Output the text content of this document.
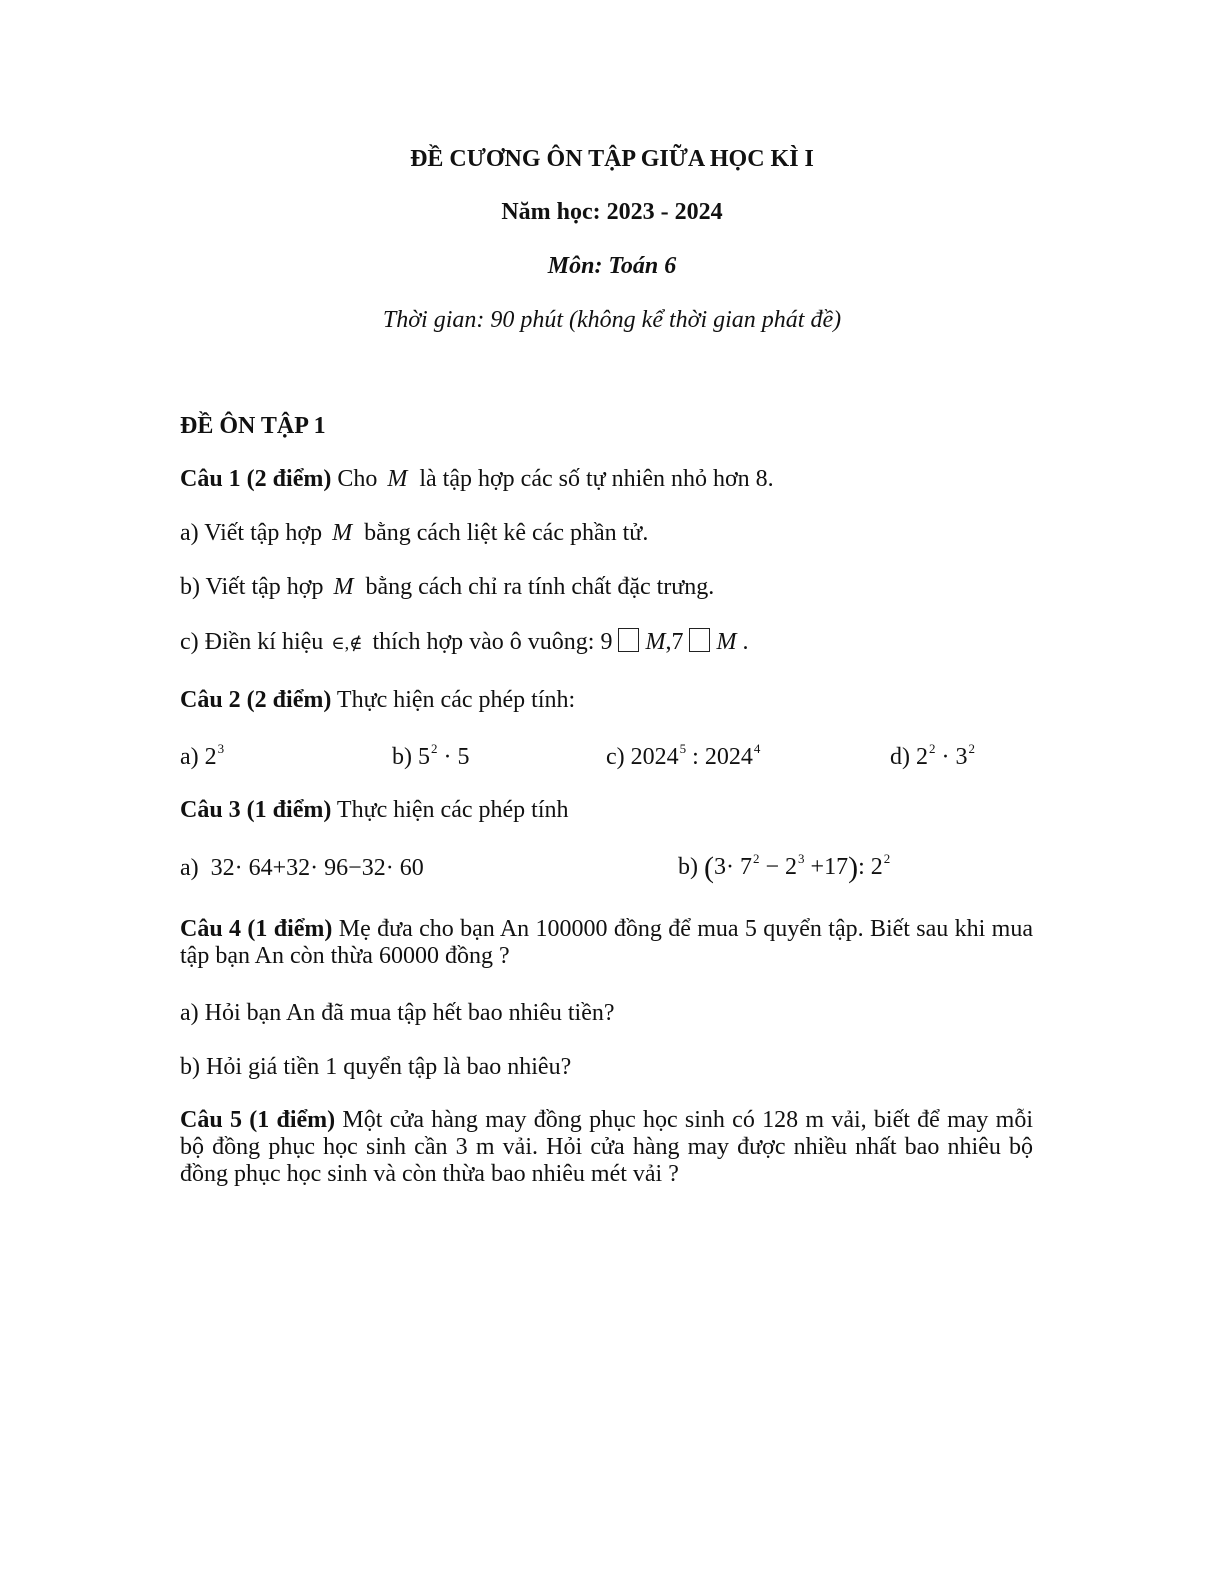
ĐỀ CƯƠNG ÔN TẬP GIỮA HỌC KÌ I
Năm học: 2023 - 2024
Môn: Toán 6
Thời gian: 90 phút (không kể thời gian phát đề)
ĐỀ ÔN TẬP 1
Câu 1 (2 điểm) Cho M là tập hợp các số tự nhiên nhỏ hơn 8.
a) Viết tập hợp M bằng cách liệt kê các phần tử.
b) Viết tập hợp M bằng cách chỉ ra tính chất đặc trưng.
c) Điền kí hiệu ∈,∉ thích hợp vào ô vuông: 9 M,7 M .
Câu 2 (2 điểm) Thực hiện các phép tính:
a) $2^3$	b) $5^2 \cdot 5$	c) 2024$^5$ : 2024$^4$	d) $2^2 \cdot 3^2$
Câu 3 (1 điểm) Thực hiện các phép tính
a) 32· 64+32· 96−32· 60	b) $(3\cdot 7^2 - 2^3 +17)$: $2^2$
Câu 4 (1 điểm) Mẹ đưa cho bạn An 100000 đồng để mua 5 quyển tập. Biết sau khi mua tập bạn An còn thừa 60000 đồng ?
a) Hỏi bạn An đã mua tập hết bao nhiêu tiền?
b) Hỏi giá tiền 1 quyển tập là bao nhiêu?
Câu 5 (1 điểm) Một cửa hàng may đồng phục học sinh có 128 m vải, biết để may mỗi bộ đồng phục học sinh cần 3 m vải. Hỏi cửa hàng may được nhiều nhất bao nhiêu bộ đồng phục học sinh và còn thừa bao nhiêu mét vải ?
